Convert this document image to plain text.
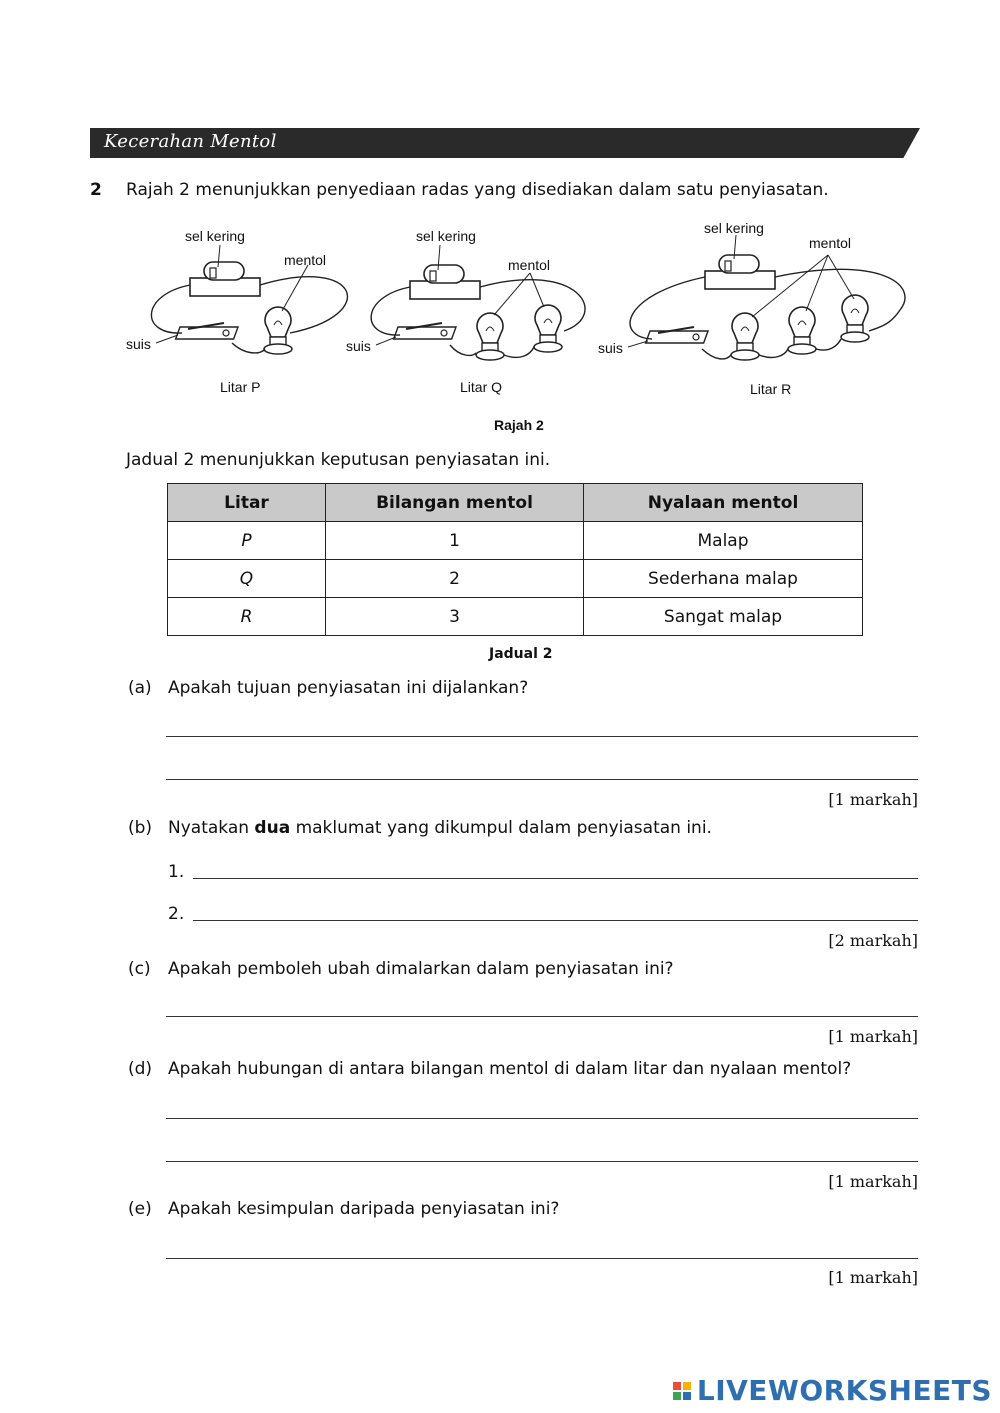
Kecerahan Mentol
2 Rajah 2 menunjukkan penyediaan radas yang disediakan dalam satu penyiasatan.
sel kering
mentol
suis
Litar P
sel kering
mentol
suis
Litar Q
sel kering
mentol
suis
Litar R
Rajah 2
Jadual 2 menunjukkan keputusan penyiasatan ini.
Litar	Bilangan mentol	Nyalaan mentol
P	1	Malap
Q	2	Sederhana malap
R	3	Sangat malap
Jadual 2
(a) Apakah tujuan penyiasatan ini dijalankan?
[1 markah]
(b) Nyatakan dua maklumat yang dikumpul dalam penyiasatan ini.
1.
2.
[2 markah]
(c) Apakah pemboleh ubah dimalarkan dalam penyiasatan ini?
[1 markah]
(d) Apakah hubungan di antara bilangan mentol di dalam litar dan nyalaan mentol?
[1 markah]
(e) Apakah kesimpulan daripada penyiasatan ini?
[1 markah]
LIVEWORKSHEETS
